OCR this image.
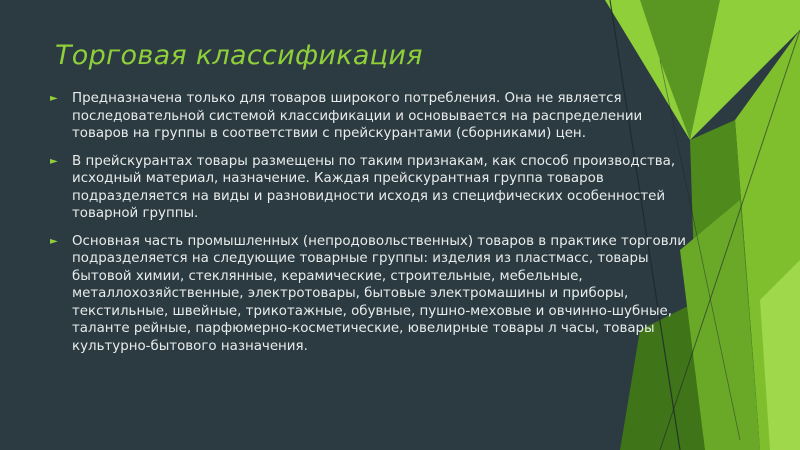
Торговая классификация
► Предназначена только для товаров широкого потребления. Она не является
последовательной системой классификации и основывается на распределении
товаров на группы в соответствии с прейскурантами (сборниками) цен.
► В прейскурантах товары размещены по таким признакам, как способ производства,
исходный материал, назначение. Каждая прейскурантная группа товаров
подразделяется на виды и разновидности исходя из специфических особенностей
товарной группы.
► Основная часть промышленных (непродовольственных) товаров в практике торговли
подразделяется на следующие товарные группы: изделия из пластмасс, товары
бытовой химии, стеклянные, керамические, строительные, мебельные,
металлохозяйственные, электротовары, бытовые электромашины и приборы,
текстильные, швейные, трикотажные, обувные, пушно-меховые и овчинно-шубные,
таланте рейные, парфюмерно-косметические, ювелирные товары л часы, товары
культурно-бытового назначения.
